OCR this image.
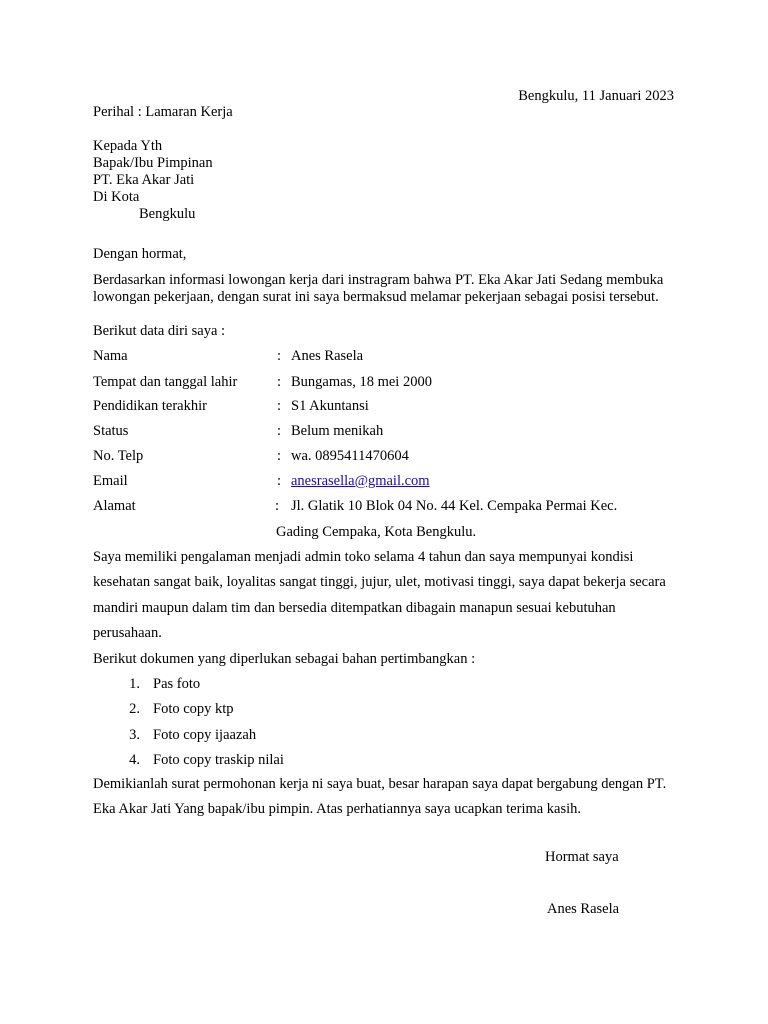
Bengkulu, 11 Januari 2023
Perihal : Lamaran Kerja
Kepada Yth
Bapak/Ibu Pimpinan
PT. Eka Akar Jati
Di Kota
Bengkulu
Dengan hormat,
Berdasarkan informasi lowongan kerja dari instragram bahwa PT. Eka Akar Jati Sedang membuka lowongan pekerjaan, dengan surat ini saya bermaksud melamar pekerjaan sebagai posisi tersebut.
Berikut data diri saya :
Nama	: Anes Rasela
Tempat dan tanggal lahir	: Bungamas, 18 mei 2000
Pendidikan terakhir	: S1 Akuntansi
Status	: Belum menikah
No. Telp	: wa. 0895411470604
Email	: anesrasella@gmail.com
Alamat	: Jl. Glatik 10 Blok 04 No. 44 Kel. Cempaka Permai Kec.
Gading Cempaka, Kota Bengkulu.
Saya memiliki pengalaman menjadi admin toko selama 4 tahun dan saya mempunyai kondisi kesehatan sangat baik, loyalitas sangat tinggi, jujur, ulet, motivasi tinggi, saya dapat bekerja secara mandiri maupun dalam tim dan bersedia ditempatkan dibagain manapun sesuai kebutuhan perusahaan.
Berikut dokumen yang diperlukan sebagai bahan pertimbangkan :
1. Pas foto
2. Foto copy ktp
3. Foto copy ijaazah
4. Foto copy traskip nilai
Demikianlah surat permohonan kerja ni saya buat, besar harapan saya dapat bergabung dengan PT. Eka Akar Jati Yang bapak/ibu pimpin. Atas perhatiannya saya ucapkan terima kasih.
Hormat saya
Anes Rasela
